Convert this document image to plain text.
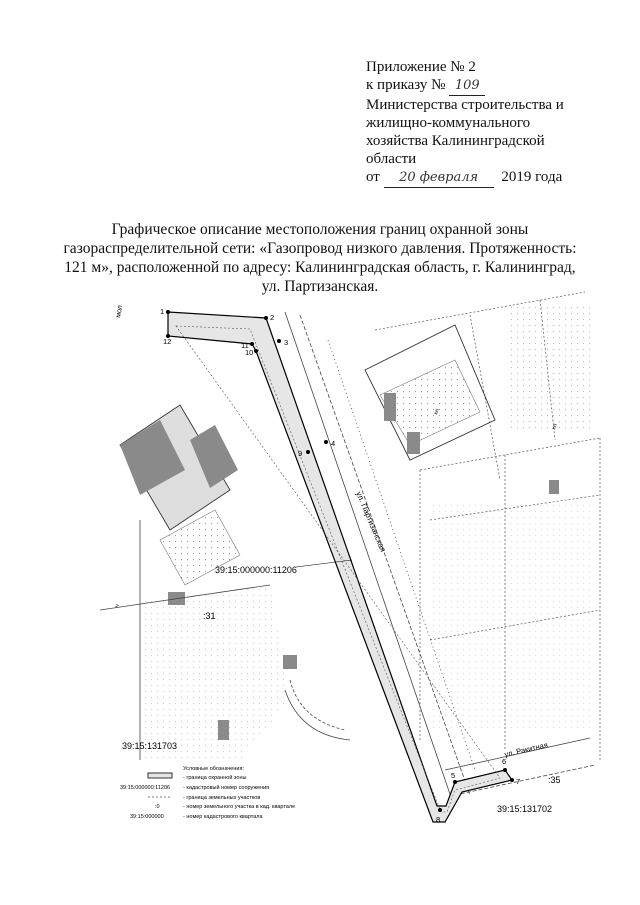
Приложение № 2
к приказу № 109
Министерства строительства и
жилищно-коммунального
хозяйства Калининградской
области
от 20 февраля 2019 года
Графическое описание местоположения границ охранной зоны
газораспределительной сети: «Газопровод низкого давления. Протяженность:
121 м», расположенной по адресу: Калининградская область, г. Калининград,
ул. Партизанская.
кн
н
1
2
3
4
5
6
7
8
9
10
11
12
39:15:000000:11206
:31
:35
39:15:131703
39:15:131702
ул. Партизанская
ул. Ракитная
мол
кн
Условные обозначения:
- граница охранной зоны
39:15:000000:11206 - кадастровый номер сооружения
- граница земельных участков
:0	- номер земельного участка в кад. квартале
39:15:000000	- номер кадастрового квартала
